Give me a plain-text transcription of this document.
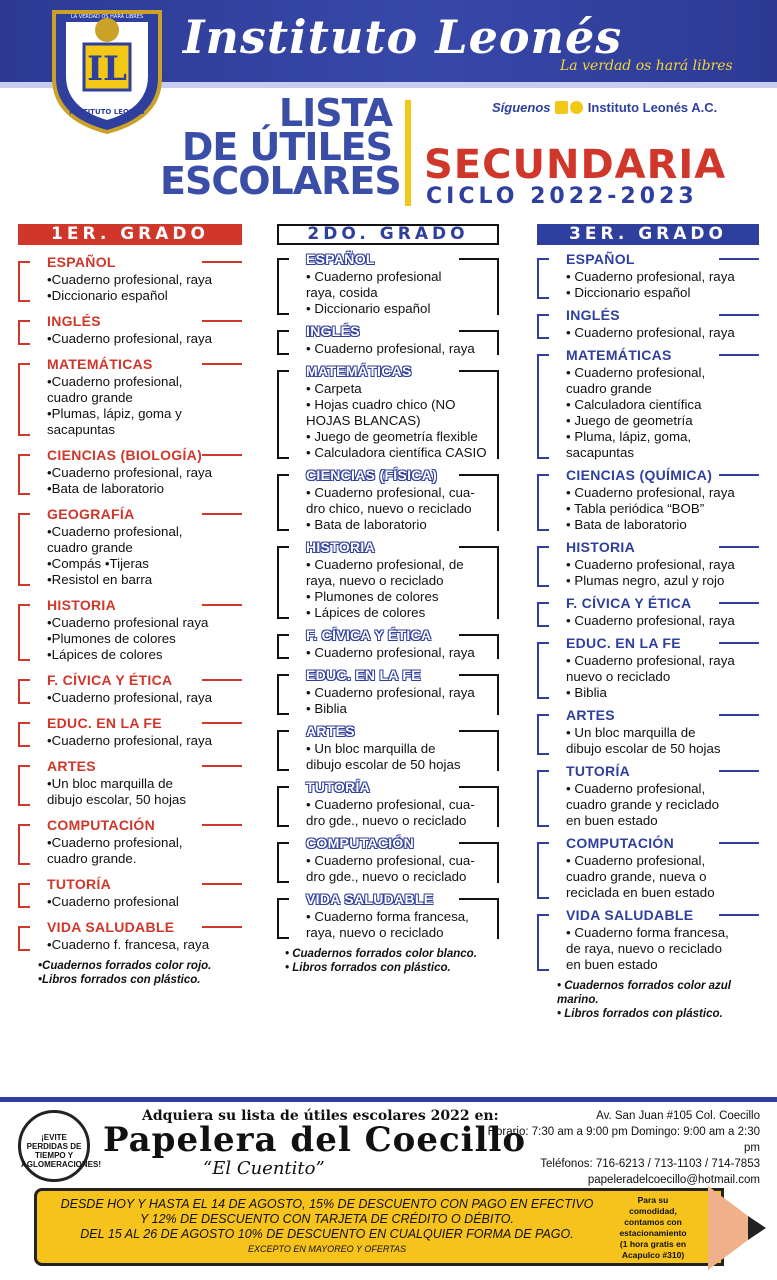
Instituto Leonés
La verdad os hará libres
IL
INSTITUTO LEONÉS
LA VERDAD OS HARÁ LIBRES
LISTA
DE ÚTILES
ESCOLARES
Síguenos	Instituto Leonés A.C.
SECUNDARIA
CICLO 2022-2023
1ER. GRADO
ESPAÑOL
•Cuaderno profesional, raya
•Diccionario español
INGLÉS
•Cuaderno profesional, raya
MATEMÁTICAS
•Cuaderno profesional,
cuadro grande
•Plumas, lápiz, goma y
sacapuntas
CIENCIAS (BIOLOGÍA)
•Cuaderno profesional, raya
•Bata de laboratorio
GEOGRAFÍA
•Cuaderno profesional,
cuadro grande
•Compás •Tijeras
•Resistol en barra
HISTORIA
•Cuaderno profesional raya
•Plumones de colores
•Lápices de colores
F. CÍVICA Y ÉTICA
•Cuaderno profesional, raya
EDUC. EN LA FE
•Cuaderno profesional, raya
ARTES
•Un bloc marquilla de
dibujo escolar, 50 hojas
COMPUTACIÓN
•Cuaderno profesional,
cuadro grande.
TUTORÍA
•Cuaderno profesional
VIDA SALUDABLE
•Cuaderno f. francesa, raya
•Cuadernos forrados color rojo.
•Libros forrados con plástico.
2DO. GRADO
ESPAÑOL
• Cuaderno profesional
raya, cosida
• Diccionario español
INGLÉS
• Cuaderno profesional, raya
MATEMÁTICAS
• Carpeta
• Hojas cuadro chico (NO
HOJAS BLANCAS)
• Juego de geometría flexible
• Calculadora científica CASIO
CIENCIAS (FÍSICA)
• Cuaderno profesional, cua-
dro chico, nuevo o reciclado
• Bata de laboratorio
HISTORIA
• Cuaderno profesional, de
raya, nuevo o reciclado
• Plumones de colores
• Lápices de colores
F. CÍVICA Y ÉTICA
• Cuaderno profesional, raya
EDUC. EN LA FE
• Cuaderno profesional, raya
• Biblia
ARTES
• Un bloc marquilla de
dibujo escolar de 50 hojas
TUTORÍA
• Cuaderno profesional, cua-
dro gde., nuevo o reciclado
COMPUTACIÓN
• Cuaderno profesional, cua-
dro gde., nuevo o reciclado
VIDA SALUDABLE
• Cuaderno forma francesa,
raya, nuevo o reciclado
• Cuadernos forrados color blanco.
• Libros forrados con plástico.
3ER. GRADO
ESPAÑOL
• Cuaderno profesional, raya
• Diccionario español
INGLÉS
• Cuaderno profesional, raya
MATEMÁTICAS
• Cuaderno profesional,
cuadro grande
• Calculadora científica
• Juego de geometría
• Pluma, lápiz, goma,
sacapuntas
CIENCIAS (QUÍMICA)
• Cuaderno profesional, raya
• Tabla periódica “BOB”
• Bata de laboratorio
HISTORIA
• Cuaderno profesional, raya
• Plumas negro, azul y rojo
F. CÍVICA Y ÉTICA
• Cuaderno profesional, raya
EDUC. EN LA FE
• Cuaderno profesional, raya
nuevo o reciclado
• Biblia
ARTES
• Un bloc marquilla de
dibujo escolar de 50 hojas
TUTORÍA
• Cuaderno profesional,
cuadro grande y reciclado
en buen estado
COMPUTACIÓN
• Cuaderno profesional,
cuadro grande, nueva o
reciclada en buen estado
VIDA SALUDABLE
• Cuaderno forma francesa,
de raya, nuevo o reciclado
en buen estado
• Cuadernos forrados color azul
marino.
• Libros forrados con plástico.
¡EVITE PERDIDAS DE TIEMPO Y AGLOMERACIONES!
Adquiera su lista de útiles escolares 2022 en:
Papelera del Coecillo
“El Cuentito”
Av. San Juan #105 Col. Coecillo
Horario: 7:30 am a 9:00 pm Domingo: 9:00 am a 2:30 pm
Teléfonos: 716-6213 / 713-1103 / 714-7853
papeleradelcoecillo@hotmail.com
DESDE HOY Y HASTA EL 14 DE AGOSTO, 15% DE DESCUENTO CON PAGO EN EFECTIVO
Y 12% DE DESCUENTO CON TARJETA DE CRÉDITO O DÉBITO.
DEL 15 AL 26 DE AGOSTO 10% DE DESCUENTO EN CUALQUIER FORMA DE PAGO.
EXCEPTO EN MAYOREO Y OFERTAS
Para su comodidad, contamos con estacionamiento (1 hora gratis en Acapulco #310)
